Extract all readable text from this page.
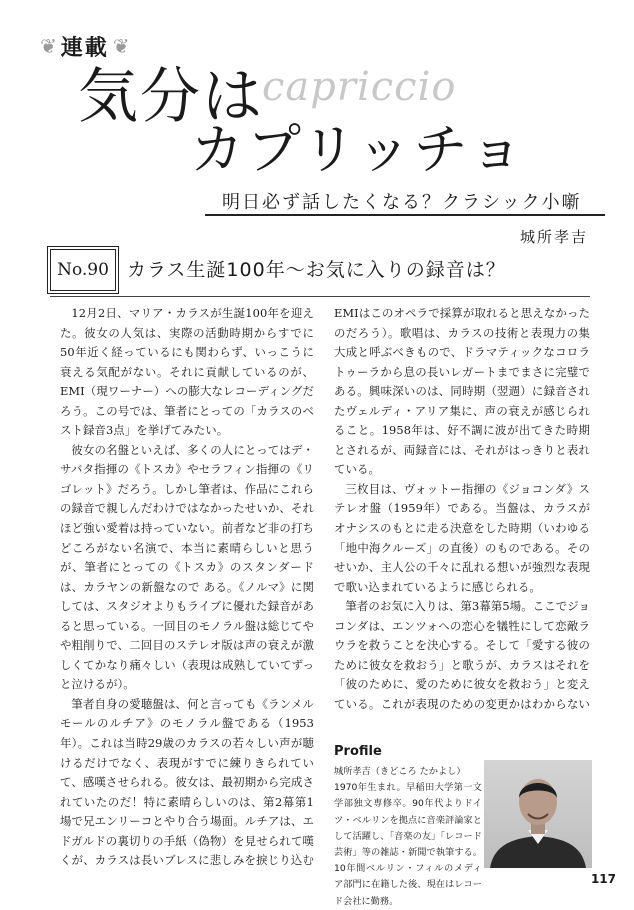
❦ 連載 ❦
capriccio
気分は
カプリッチョ
明日必ず話したくなる？クラシック小噺
城所孝吉
No.90 カラス生誕100年〜お気に入りの録音は？

12月2日、マリア・カラスが生誕100年を迎えた。彼女の人気は、実際の活動時期からすでに50年近く経っているにも関わらず、いっこうに衰える気配がない。それに貢献しているのが、EMI（現ワーナー）への膨大なレコーディングだろう。この号では、筆者にとっての「カラスのベスト録音3点」を挙げてみたい。

彼女の名盤といえば、多くの人にとってはデ・サバタ指揮の《トスカ》やセラフィン指揮の《リゴレット》だろう。しかし筆者は、作品にこれらの録音で親しんだわけではなかったせいか、それほど強い愛着は持っていない。前者など非の打ちどころがない名演で、本当に素晴らしいと思うが、筆者にとっての《トスカ》のスタンダードは、カラヤンの新盤なので ある。《ノルマ》に関しては、スタジオよりもライブに優れた録音があると思っている。一回目のモノラル盤は総じてやや粗削りで、二回目のステレオ版は声の衰えが激しくてかなり痛々しい（表現は成熟していてずっと泣けるが）。

筆者自身の愛聴盤は、何と言っても《ランメルモールのルチア》のモノラル盤である（1953年）。これは当時29歳のカラスの若々しい声が聴けるだけでなく、表現がすでに練りきられていて、感嘆させられる。彼女は、最初期から完成されていたのだ！特に素晴らしいのは、第2幕第1場で兄エンリーコとやり合う場面。ルチアは、エドガルドの裏切りの手紙（偽物）を見せられて嘆くが、カラスは長いブレスに悲しみを捩じり込む

EMIはこのオペラで採算が取れると思えなかったのだろう）。歌唱は、カラスの技術と表現力の集大成と呼ぶべきもので、ドラマティックなコロラトゥーラから息の長いレガートまでまさに完璧である。興味深いのは、同時期（翌週）に録音されたヴェルディ・アリア集に、声の衰えが感じられること。1958年は、好不調に波が出てきた時期とされるが、両録音には、それがはっきりと表れている。

三枚目は、ヴォットー指揮の《ジョコンダ》ステレオ盤（1959年）である。当盤は、カラスがオナシスのもとに走る決意をした時期（いわゆる「地中海クルーズ」の直後）のものである。そのせいか、主人公の千々に乱れる想いが強烈な表現で歌い込まれているように感じられる。

筆者のお気に入りは、第3幕第5場。ここでジョコンダは、エンツォへの恋心を犠牲にして恋敵ラウラを救うことを決心する。そして「愛する彼のために彼女を救おう」と歌うが、カラスはそれを「彼のために、愛のために彼女を救おう」と変えている。これが表現のための変更かはわからない

Profile

城所孝吉（きどころ たかよし）

1970年生まれ。早稲田大学第一文学部独文専修卒。90年代よりドイツ・ベルリンを拠点に音楽評論家として活躍し、「音楽の友」「レコード芸術」等の雑誌・新聞で執筆する。10年間ベルリン・フィルのメディア部門に在籍した後、現在はレコード会社に勤務。

117
